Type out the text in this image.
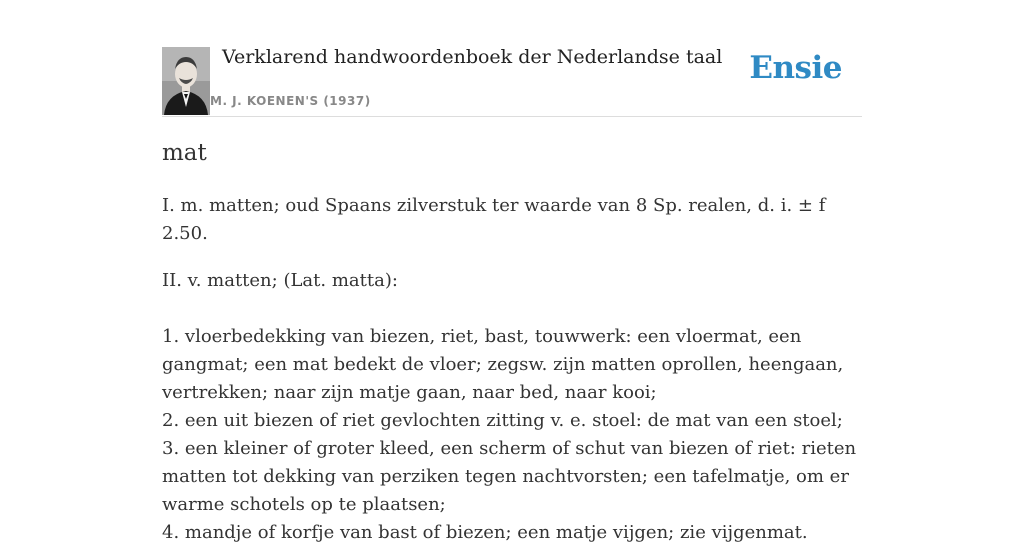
Verklarend handwoordenboek der Nederlandse taal
M. J. KOENEN'S (1937)
Ensie
mat

I. m. matten; oud Spaans zilverstuk ter waarde van 8 Sp. realen, d. i. ± f 2.50.

II. v. matten; (Lat. matta):

1. vloerbedekking van biezen, riet, bast, touwwerk: een vloermat, een gangmat; een mat bedekt de vloer; zegsw. zijn matten oprollen, heengaan, vertrekken; naar zijn matje gaan, naar bed, naar kooi;
2. een uit biezen of riet gevlochten zitting v. e. stoel: de mat van een stoel;
3. een kleiner of groter kleed, een scherm of schut van biezen of riet: rieten matten tot dekking van perziken tegen nachtvorsten; een tafelmatje, om er warme schotels op te plaatsen;
4. mandje of korfje van bast of biezen; een matje vijgen; zie vijgenmat.
